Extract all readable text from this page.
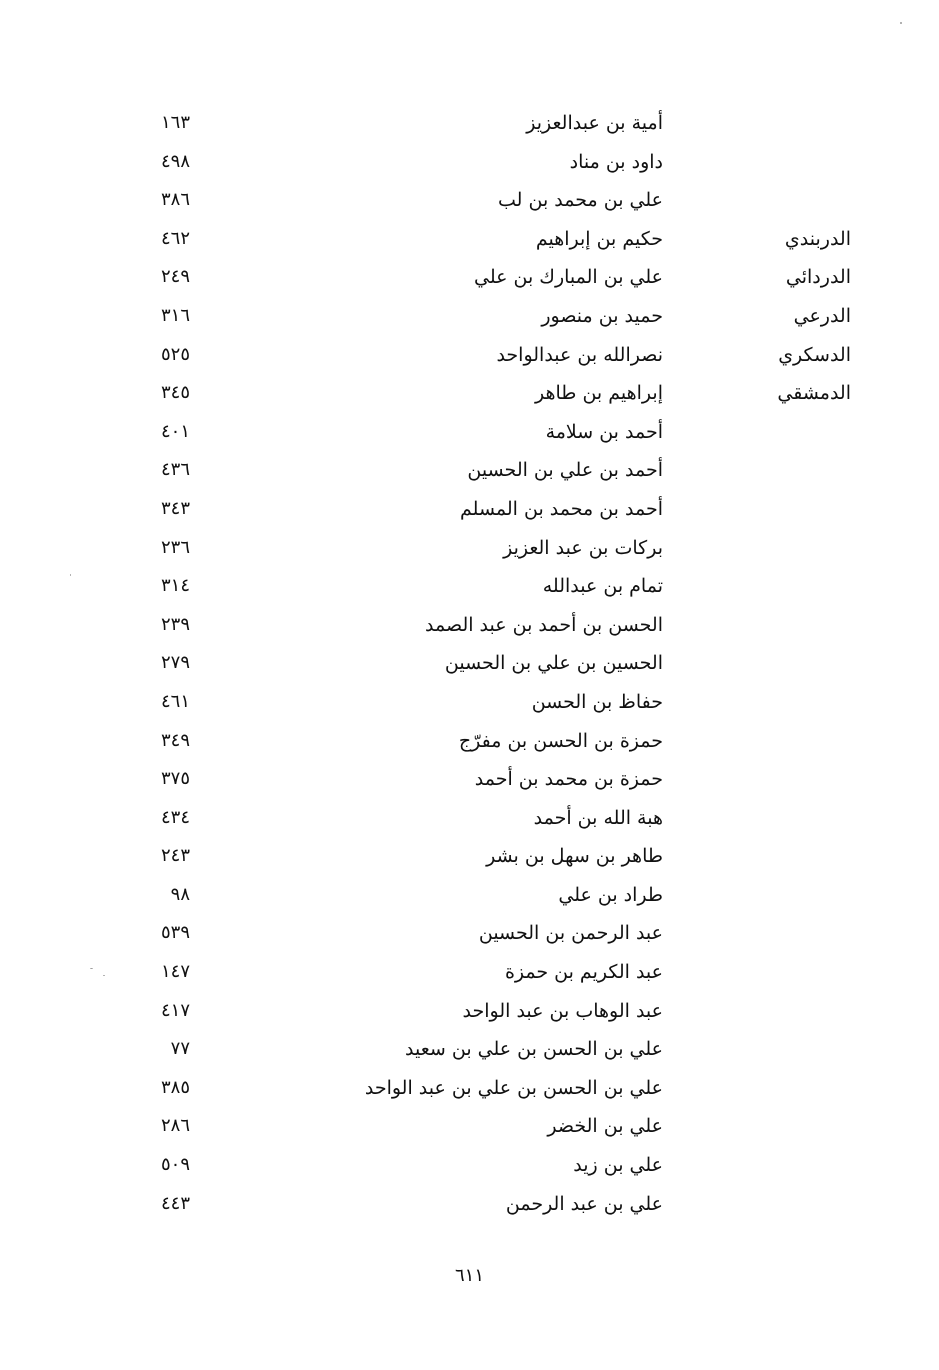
أمية بن عبدالعزيز
١٦٣
داود بن مناد
٤٩٨
علي بن محمد بن لب
٣٨٦
الدربندي
حكيم بن إبراهيم
٤٦٢
الدردائي
علي بن المبارك بن علي
٢٤٩
الدرعي
حميد بن منصور
٣١٦
الدسكري
نصرالله بن عبدالواحد
٥٢٥
الدمشقي
إبراهيم بن طاهر
٣٤٥
أحمد بن سلامة
٤٠١
أحمد بن علي بن الحسين
٤٣٦
أحمد بن محمد بن المسلم
٣٤٣
بركات بن عبد العزيز
٢٣٦
تمام بن عبدالله
٣١٤
الحسن بن أحمد بن عبد الصمد
٢٣٩
الحسين بن علي بن الحسين
٢٧٩
حفاظ بن الحسن
٤٦١
حمزة بن الحسن بن مفرّج
٣٤٩
حمزة بن محمد بن أحمد
٣٧٥
هبة الله بن أحمد
٤٣٤
طاهر بن سهل بن بشر
٢٤٣
طراد بن علي
٩٨
عبد الرحمن بن الحسين
٥٣٩
عبد الكريم بن حمزة
١٤٧
عبد الوهاب بن عبد الواحد
٤١٧
علي بن الحسن بن علي بن سعيد
٧٧
علي بن الحسن بن علي بن عبد الواحد
٣٨٥
علي بن الخضر
٢٨٦
علي بن زيد
٥٠٩
علي بن عبد الرحمن
٤٤٣
٦١١
